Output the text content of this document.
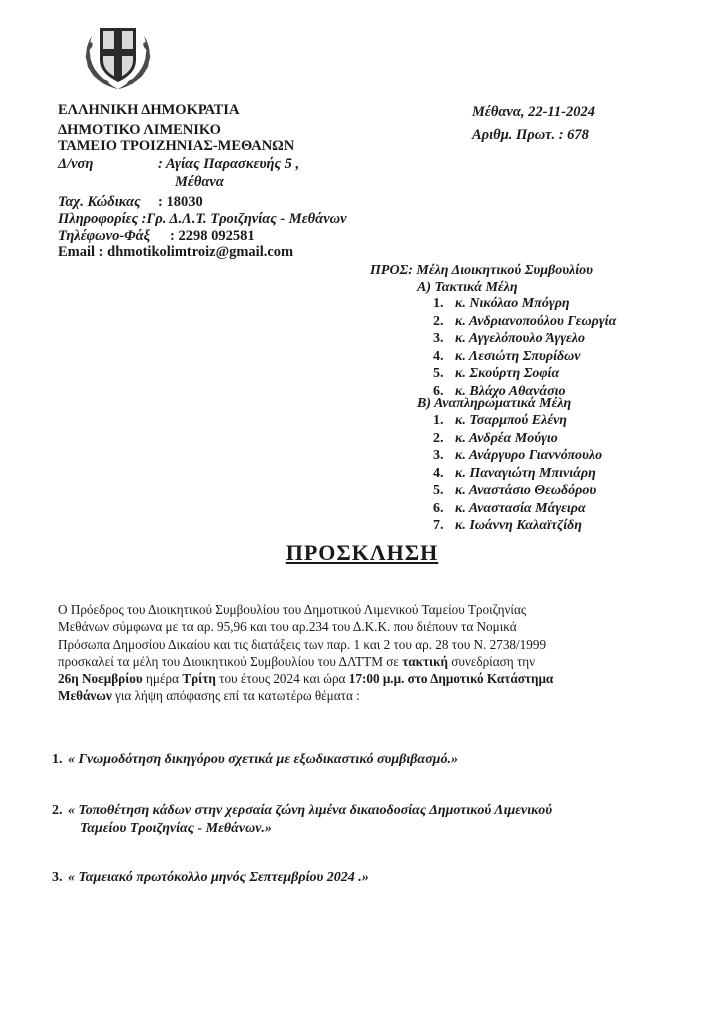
ΕΛΛΗΝΙΚΗ ΔΗΜΟΚΡΑΤΙΑ
ΔΗΜΟΤΙΚΟ ΛΙΜΕΝΙΚΟ
ΤΑΜΕΙΟ ΤΡΟΙΖΗΝΙΑΣ-ΜΕΘΑΝΩΝ
Δ/νση	: Αγίας Παρασκευής 5 ,
Μέθανα
Ταχ. Κώδικας : 18030
Πληροφορίες :Γρ. Δ.Λ.Τ. Τροιζηνίας - Μεθάνων
Τηλέφωνο-Φάξ : 2298 092581
Email : dhmotikolimtroiz@gmail.com
Μέθανα, 22-11-2024
Αριθμ. Πρωτ. : 678
ΠΡΟΣ: Μέλη Διοικητικού Συμβουλίου
Α) Τακτικά Μέλη
1. κ. Νικόλαο Μπόγρη
2. κ. Ανδριανοπούλου Γεωργία
3. κ. Αγγελόπουλο Άγγελο
4. κ. Λεσιώτη Σπυρίδων
5. κ. Σκούρτη Σοφία
6. κ. Βλάχο Αθανάσιο
Β) Αναπληρωματικά Μέλη
1. κ. Τσαρμπού Ελένη
2. κ. Ανδρέα Μούγιο
3. κ. Ανάργυρο Γιαννόπουλο
4. κ. Παναγιώτη Μπινιάρη
5. κ. Αναστάσιο Θεωδόρου
6. κ. Αναστασία Μάγειρα
7. κ. Ιωάννη Καλαϊτζίδη
ΠΡΟΣΚΛΗΣΗ
Ο Πρόεδρος του Διοικητικού Συμβουλίου του Δημοτικού Λιμενικού Ταμείου Τροιζηνίας
Μεθάνων σύμφωνα με τα αρ. 95,96 και του αρ.234 του Δ.Κ.Κ. που διέπουν τα Νομικά
Πρόσωπα Δημοσίου Δικαίου και τις διατάξεις των παρ. 1 και 2 του αρ. 28 του Ν. 2738/1999
προσκαλεί τα μέλη του Διοικητικού Συμβουλίου του ΔΛΤΤΜ σε τακτική συνεδρίαση την
26η Νοεμβρίου ημέρα Τρίτη του έτους 2024 και ώρα 17:00 μ.μ. στο Δημοτικό Κατάστημα
Μεθάνων για λήψη απόφασης επί τα κατωτέρω θέματα :
1. « Γνωμοδότηση δικηγόρου σχετικά με εξωδικαστικό συμβιβασμό.»
2. « Τοποθέτηση κάδων στην χερσαία ζώνη λιμένα δικαιοδοσίας Δημοτικού Λιμενικού
Ταμείου Τροιζηνίας - Μεθάνων.»
3. « Ταμειακό πρωτόκολλο μηνός Σεπτεμβρίου 2024 .»
